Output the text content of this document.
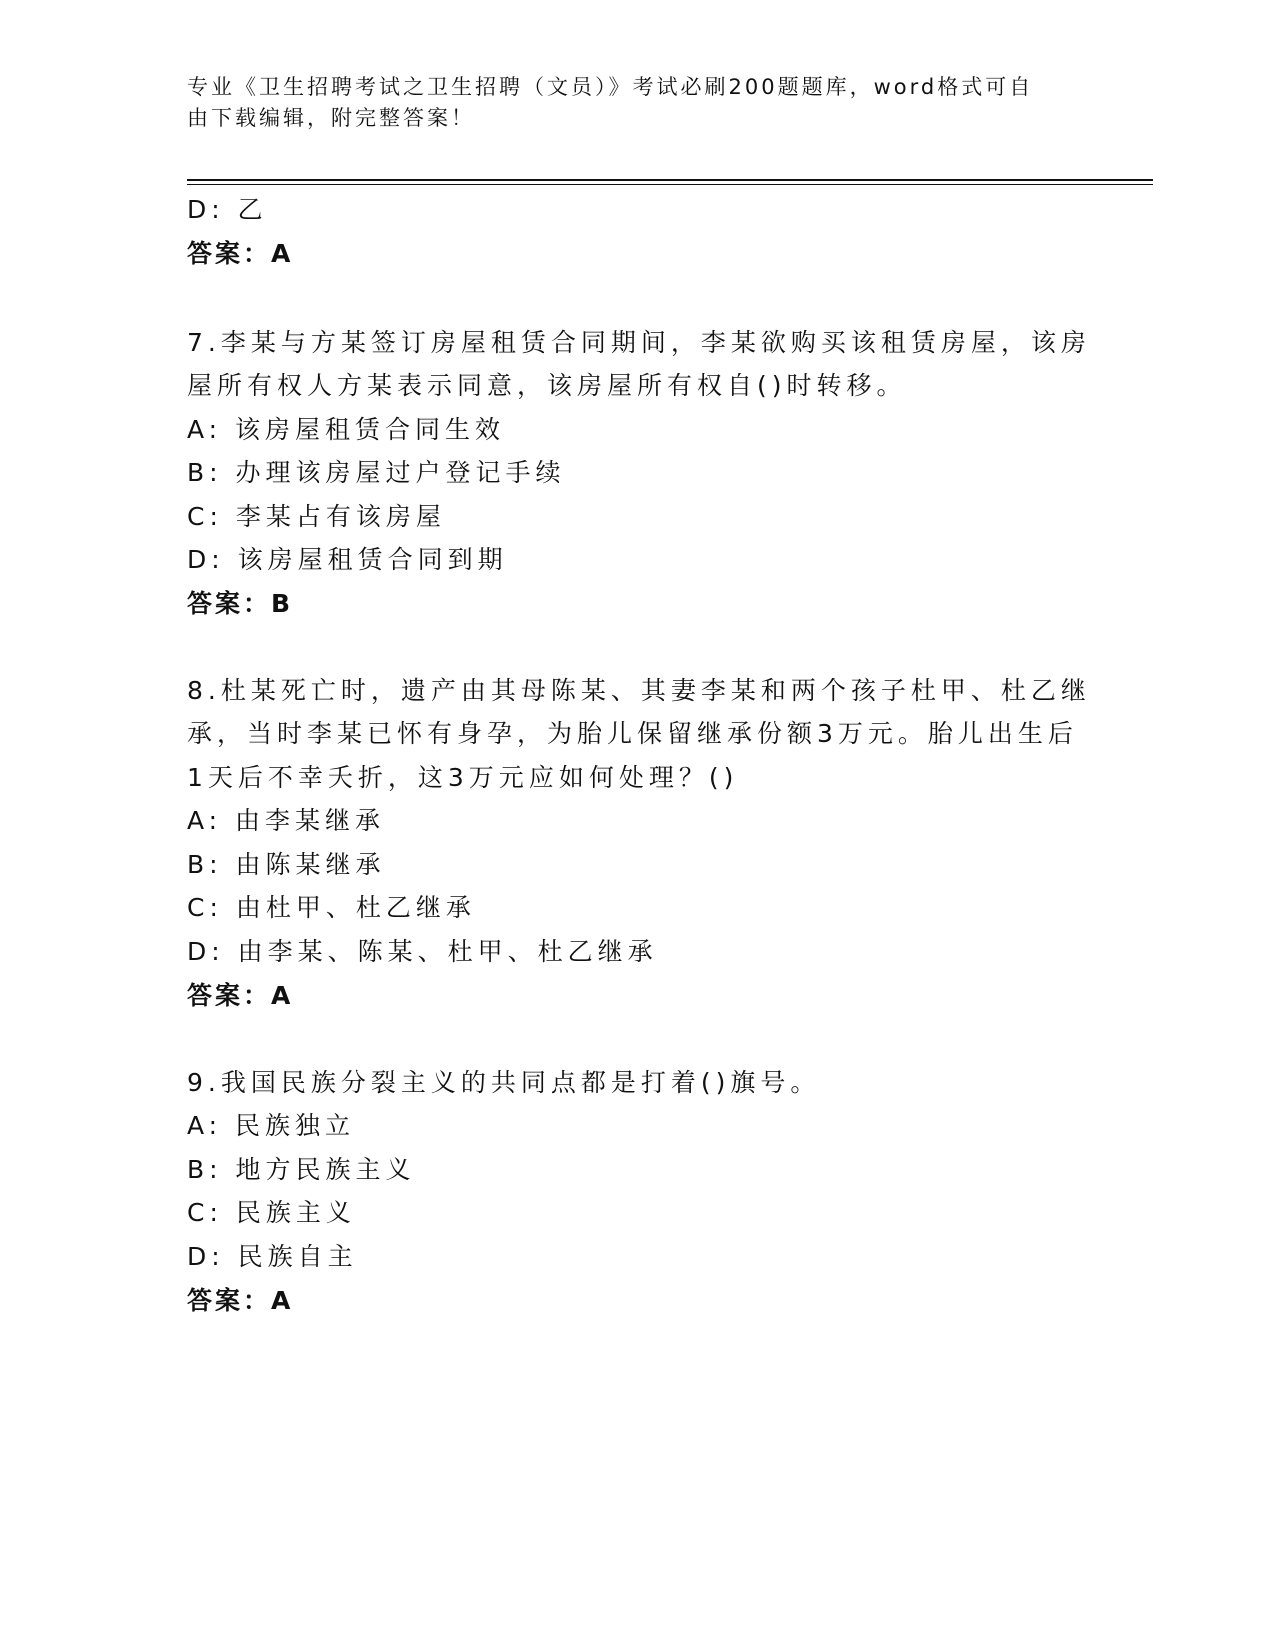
专业《卫生招聘考试之卫生招聘（文员）》考试必刷200题题库，word格式可自
由下载编辑，附完整答案！
D: 乙
答案：A
7.李某与方某签订房屋租赁合同期间，李某欲购买该租赁房屋，该房
屋所有权人方某表示同意，该房屋所有权自()时转移。
A: 该房屋租赁合同生效
B: 办理该房屋过户登记手续
C: 李某占有该房屋
D: 该房屋租赁合同到期
答案：B
8.杜某死亡时，遗产由其母陈某、其妻李某和两个孩子杜甲、杜乙继
承，当时李某已怀有身孕，为胎儿保留继承份额3万元。胎儿出生后
1天后不幸夭折，这3万元应如何处理？()
A: 由李某继承
B: 由陈某继承
C: 由杜甲、杜乙继承
D: 由李某、陈某、杜甲、杜乙继承
答案：A
9.我国民族分裂主义的共同点都是打着()旗号。
A: 民族独立
B: 地方民族主义
C: 民族主义
D: 民族自主
答案：A
